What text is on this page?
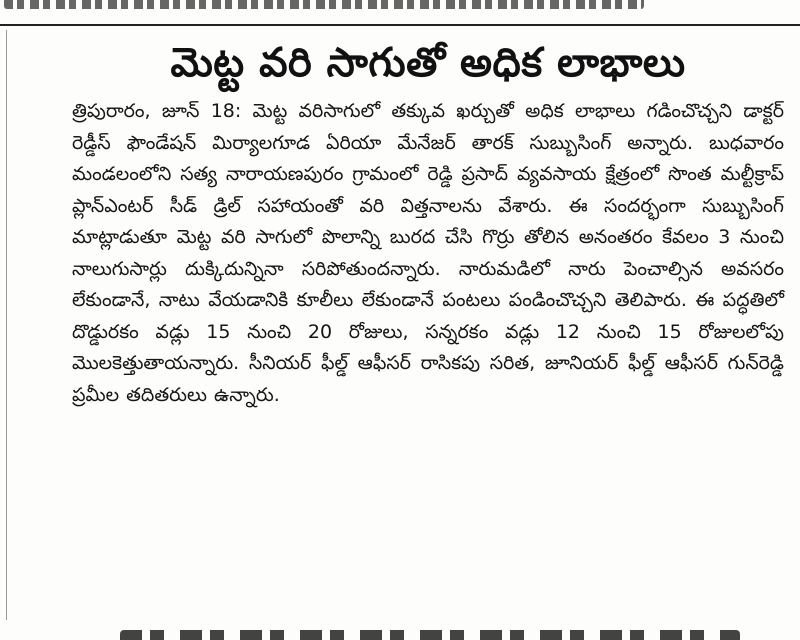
మెట్ట వరి సాగుతో అధిక లాభాలు

త్రిపురారం, జూన్ 18: మెట్ట వరిసాగులో తక్కువ ఖర్చుతో అధిక లాభాలు గడించొచ్చని డాక్టర్ రెడ్డీస్ ఫౌండేషన్ మిర్యాలగూడ ఏరియా మేనేజర్ తారక్ సుబ్బుసింగ్ అన్నారు. బుధవారం మండలంలోని సత్య నారాయణపురం గ్రామంలో రెడ్డి ప్రసాద్ వ్యవసాయ క్షేత్రంలో సొంత మల్టీక్రాప్ ప్లాన్ఎంటర్ సీడ్ డ్రిల్ సహాయంతో వరి విత్తనాలను వేశారు. ఈ సందర్భంగా సుబ్బుసింగ్ మాట్లాడుతూ మెట్ట వరి సాగులో పొలాన్ని బురద చేసి గొర్రు తోలిన అనంతరం కేవలం 3 నుంచి నాలుగుసార్లు దుక్కిదున్నినా సరిపోతుందన్నారు. నారుమడిలో నారు పెంచాల్సిన అవసరం లేకుండానే, నాటు వేయడానికి కూలీలు లేకుండానే పంటలు పండించొచ్చని తెలిపారు. ఈ పద్ధతిలో దొడ్డురకం వడ్లు 15 నుంచి 20 రోజులు, సన్నరకం వడ్లు 12 నుంచి 15 రోజులలోపు మొలకెత్తుతాయన్నారు. సీనియర్ ఫీల్డ్ ఆఫీసర్ రాసికపు సరిత, జూనియర్ ఫీల్డ్ ఆఫీసర్ గున్‌రెడ్డి ప్రమీల తదితరులు ఉన్నారు.
